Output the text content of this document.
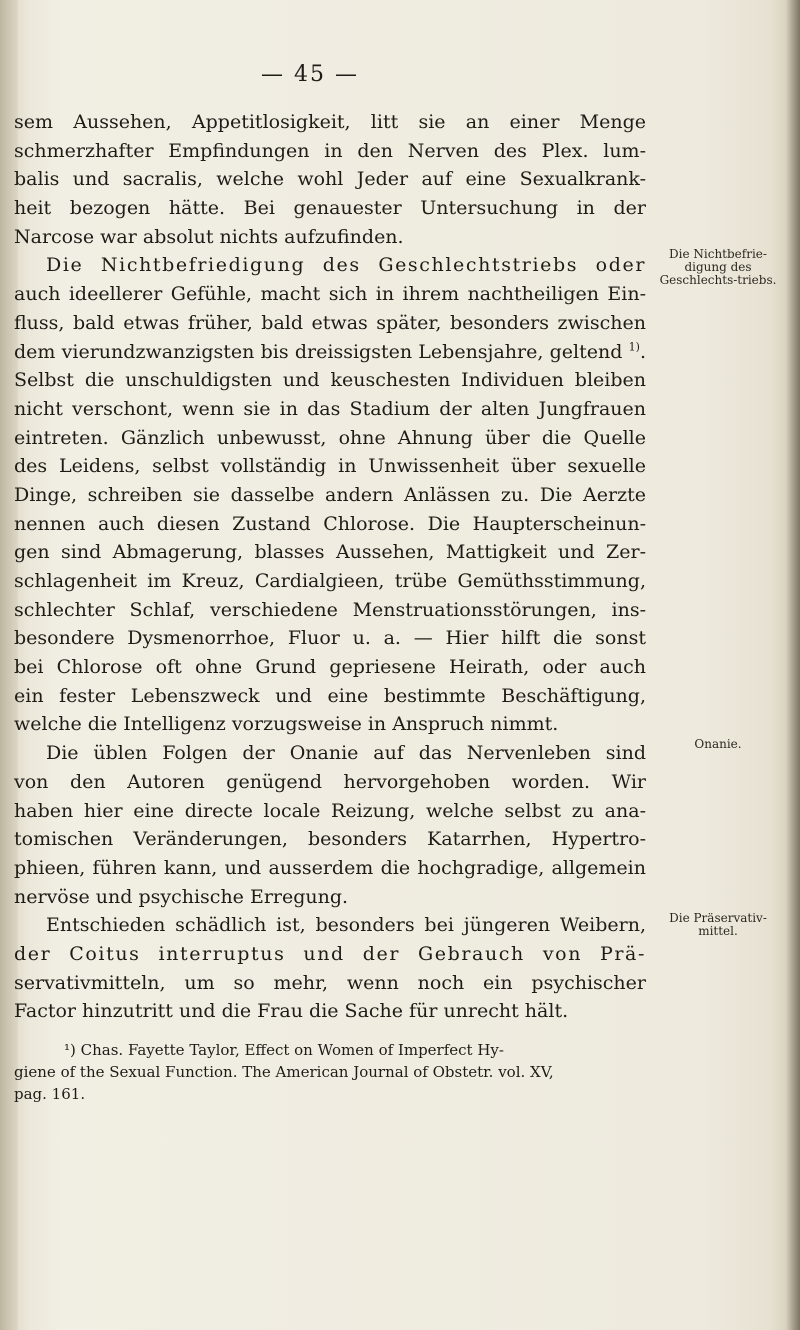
— 45 —
sem Aussehen, Appetitlosigkeit, litt sie an einer Menge
schmerzhafter Empfindungen in den Nerven des Plex. lum-
balis und sacralis, welche wohl Jeder auf eine Sexualkrank-
heit bezogen hätte. Bei genauester Untersuchung in der
Narcose war absolut nichts aufzufinden.
Die Nichtbefriedigung des Geschlechtstriebs oder
auch ideellerer Gefühle, macht sich in ihrem nachtheiligen Ein-
fluss, bald etwas früher, bald etwas später, besonders zwischen
dem vierundzwanzigsten bis dreissigsten Lebensjahre, geltend $^{1)}$.
Selbst die unschuldigsten und keuschesten Individuen bleiben
nicht verschont, wenn sie in das Stadium der alten Jungfrauen
eintreten. Gänzlich unbewusst, ohne Ahnung über die Quelle
des Leidens, selbst vollständig in Unwissenheit über sexuelle
Dinge, schreiben sie dasselbe andern Anlässen zu. Die Aerzte
nennen auch diesen Zustand Chlorose. Die Haupterscheinun-
gen sind Abmagerung, blasses Aussehen, Mattigkeit und Zer-
schlagenheit im Kreuz, Cardialgieen, trübe Gemüthsstimmung,
schlechter Schlaf, verschiedene Menstruationsstörungen, ins-
besondere Dysmenorrhoe, Fluor u. a. — Hier hilft die sonst
bei Chlorose oft ohne Grund gepriesene Heirath, oder auch
ein fester Lebenszweck und eine bestimmte Beschäftigung,
welche die Intelligenz vorzugsweise in Anspruch nimmt.
Die üblen Folgen der Onanie auf das Nervenleben sind
von den Autoren genügend hervorgehoben worden. Wir
haben hier eine directe locale Reizung, welche selbst zu ana-
tomischen Veränderungen, besonders Katarrhen, Hypertro-
phieen, führen kann, und ausserdem die hochgradige, allgemein
nervöse und psychische Erregung.
Entschieden schädlich ist, besonders bei jüngeren Weibern,
der Coitus interruptus und der Gebrauch von Prä-
servativmitteln, um so mehr, wenn noch ein psychischer
Factor hinzutritt und die Frau die Sache für unrecht hält.
Die Nichtbefrie-digung des Geschlechts-triebs.
Onanie.
Die Präservativ-mittel.
¹) Chas. Fayette Taylor, Effect on Women of Imperfect Hy-
giene of the Sexual Function. The American Journal of Obstetr. vol. XV,
pag. 161.
